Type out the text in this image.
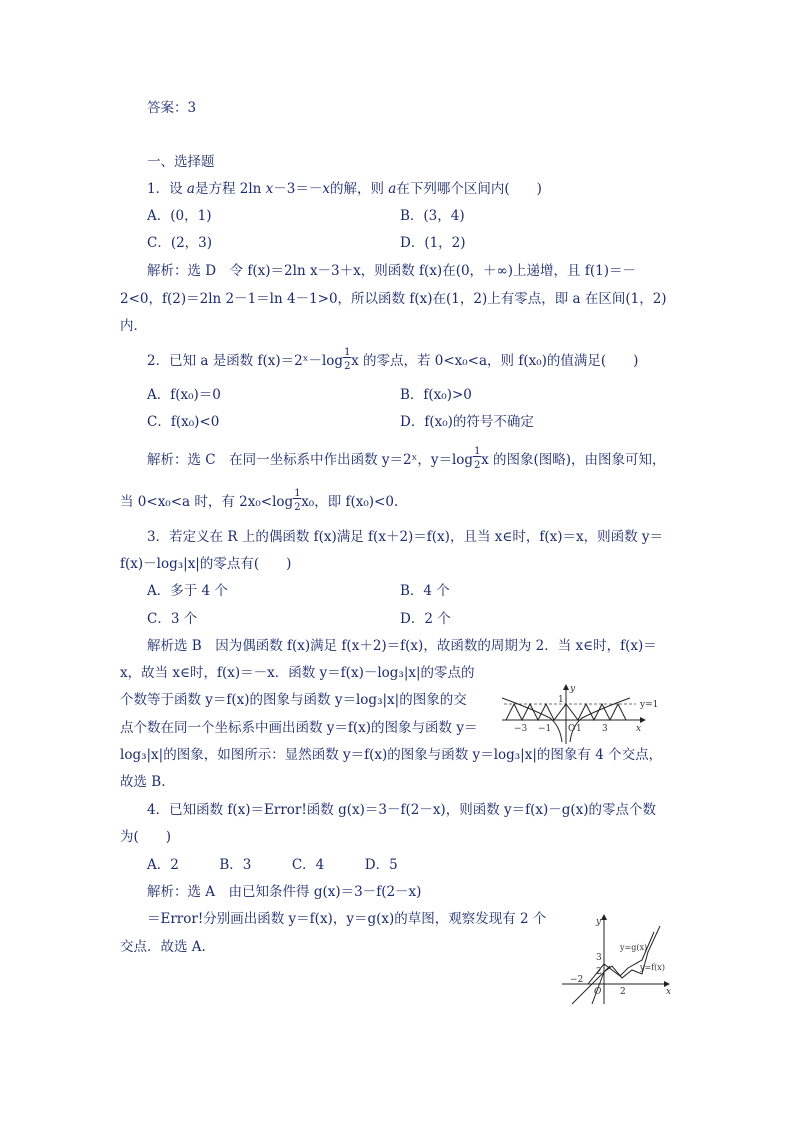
答案：3
一、选择题
1．设 a是方程 2ln x－3＝－x的解，则 a在下列哪个区间内(　　)
A．(0，1)	B．(3，4)
C．(2，3)	D．(1，2)
解析：选 D　令 f(x)＝2ln x－3＋x，则函数 f(x)在(0，＋∞)上递增，且 f(1)＝－
2<0，f(2)＝2ln 2－1＝ln 4－1>0，所以函数 f(x)在(1，2)上有零点，即 a 在区间(1，2)
内．
2．已知 a 是函数 f(x)＝2ˣ－log $\frac{1}{2}$ x 的零点，若 0<x₀<a，则 f(x₀)的值满足(　　)
A．f(x₀)＝0	B．f(x₀)>0
C．f(x₀)<0	D．f(x₀)的符号不确定
解析：选 C　在同一坐标系中作出函数 y＝2ˣ，$y=\log \frac{1}{2}$ x 的图象(图略)，由图象可知，
当 0<x₀<a 时，有 $2x_0<\log \frac{1}{2} x_0$，即 f(x₀)<0.
3．若定义在 R 上的偶函数 f(x)满足 f(x＋2)＝f(x)，且当 x∈时，f(x)＝x，则函数 y＝
f(x)－log₃|x|的零点有(　　)
A．多于 4 个	B．4 个
C．3 个	D．2 个
解析选 B　因为偶函数 f(x)满足 f(x＋2)＝f(x)，故函数的周期为 2．当 x∈时，f(x)＝
x，故当 x∈时，f(x)＝－x．函数 y＝f(x)－log₃|x|的零点的
个数等于函数 y＝f(x)的图象与函数 y＝log₃|x|的图象的交
点个数在同一个坐标系中画出函数 y＝f(x)的图象与函数 y＝
log₃|x|的图象，如图所示：显然函数 y＝f(x)的图象与函数 y＝log₃|x|的图象有 4 个交点，
故选 B.
1
−3 −1 O 1 3	x
y
y=1
4．已知函数 f(x)＝Error!函数 g(x)＝3－f(2－x)，则函数 y＝f(x)－g(x)的零点个数
为(　　)
A．2　　　B．3　　　C．4　　　D．5
解析：选 A　由已知条件得 g(x)＝3－f(2－x)
＝Error!分别画出函数 y＝f(x)，y＝g(x)的草图，观察发现有 2 个
交点．故选 A.
y
3
2
−2
O 2	x
y=g(x)
y=f(x)
